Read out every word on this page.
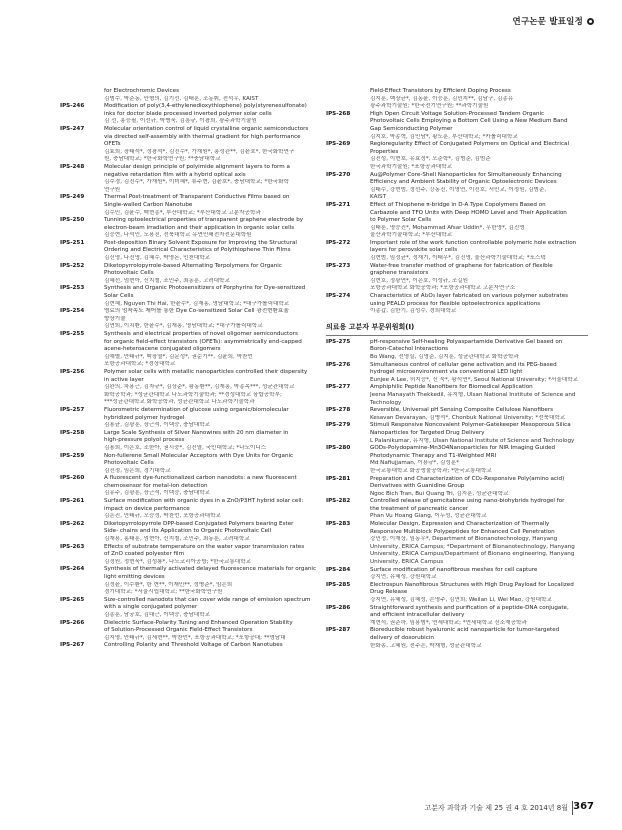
연구논문 발표일정
for Electrochromic Devices
김범수, 박준동, 안형의, 김기선, 김태훈, 조동휘, 전석우, KAIST
IPS-246	Modification of poly(3,4-ethylenedioxythiophene) poly(styrenesulfonate)
inks for doctor blade processed inverted polymer solar cells
김 선, 홍승필, 이선규, 박병욱, 김흥규, 이광희, 광주과학기술원
IPS-247	Molecular orientation control of liquid crystalline organic semiconductors
via directed self-assembly with thermal gradient for high performance
OFETs
김효희, 장태석*, 정광석*, 김진수*, 가재원*, 홍성관**, 김윤호*, 한국화학연구
원, 충남대학교; *한국화학연구원; **충남대학교
IPS-248	Molecular design principle of polyimide alignment layers to form a
negative retardation film with a hybrid optical axis
김수경, 김진수*, 가재원*, 이미혜*, 류주현, 김윤호*, 충남대학교; *한국화학
연구원
IPS-249	Thermal Post-treatment of Transparent Conductive Films based on
Single-walled Carbon Nanotube
김수민, 김윤수, 백현종*, 부산대학교; *부산대학교 고분자공학과
IPS-250	Tunning optoelectrical properties of transparent graphene electrode by
electron-beam irradiation and their application in organic solar cells
김승현, 나석인, 노용진, 전북대학교 유연인쇄전자전문대학원
IPS-251	Post-deposition Binary Solvent Exposure for Improving the Structural
Ordering and Electrical Characteristics of Polythiophene Thin Films
김신영, 나진영, 김혜수, 박영돈, 인천대학교
IPS-252	Diketopyrrolopyrrole-based Alternating Terpolymers for Organic
Photovoltaic Cells
김혜선, 엄현아, 신지철, 조민주, 최동훈, 고려대학교
IPS-253	Synthesis and Organic Photosensitizers of Porphyrins for Dye-sensitized
Solar Cells
김현혜, Nguyen Thi Hai, 한윤수*, 김재홍, 영남대학교; *대구가톨릭대학교
IPS-254	염료의 엄착속도 제어를 통한 Dye Co-sensitized Solar Cell 광전변환효율
향상기술
김연희, 이치환, 한윤수*, 김재홍, 영남대학교; *대구가톨릭대학교
IPS-255	Synthesis and electrical properties of novel oligomer semiconductors
for organic field-effect transistors (OFETs): asymmetrically end-capped
acene-heteroacene conjugated oligomers
김예별, 안태규*, 백장열*, 김문성*, 권순기**, 김윤희, 박찬언
포항공과대학교; *경상대학교
IPS-256	Polymer solar cells with metallic nanoparticles controlled their dispersity
in active layer
김완의, 차용근, 김자규*, 김상준*, 황동환**, 김재홍, 박종목***, 성균관대학교
화학공학과; *성균관대학교 나노과학기술학과; **경성대학교 융합공학부;
***성균관대학교 화학공학과, 성균관대학교 나노과학기술학과
IPS-257	Fluorometric determination of glucose using organic/biomolecular
hybridized polymer hydrogel
김용균, 김광훈, 장근석, 이택승, 충남대학교
IPS-258	Large Scale Synthesis of Silver Nanowires with 20 nm diameter in
high-pressure polyol process
김용희, 이은호, 조한아, 권시중*, 김진열, 국민대학교; *나노이니스
IPS-259	Non-fullerene Small Molecular Acceptors with Dye Units for Organic
Photovoltaic Cells
김진정, 임은희, 경기대학교
IPS-260	A fluorescent dye-functionalized carbon nanodots: a new fluorescent
chemosensor for metal-ion detection
김유주, 김광훈, 장근석, 이택승, 충남대학교
IPS-261	Surface modification with organic dyes in a ZnO/P3HT hybrid solar cell:
impact on device performance
김은진, 안태규, 오승정, 박찬언, 포항공과대학교
IPS-262	Diketopyrrolopyrrole DPP-based Conjugated Polymers bearing Ester
Side- chains and its Application to Organic Photovoltaic Cell
김재용, 홍태훈, 엄현아, 신지철, 조민주, 최동훈, 고려대학교
IPS-263	Effects of substrate temperature on the water vapor transmission rates
of ZnO coated polyester film
김정원, 정현욱*, 김성룡*, 나노코리아공방; *한국교통대학교
IPS-264	Synthesis of thermally activated delayed fluorescence materials for organic
light emitting devices
김정윤, 이수환*, 한 현**, 이재민**, 정병준*, 임은희
경기대학교; *서울시립대학교; **한국화학연구원
IPS-265	Size-controlled nanodots that can cover wide range of emission spectrum
with a single conjugated polymer
김종훈, 남궁호, 김대근, 이택승, 충남대학교
IPS-266	Dielectric Surface-Polarity Tuning and Enhanced Operation Stability
of Solution-Processed Organic Field-Effect Transistors
김지영, 안태규*, 김세현**, 박찬언*, 포항공과대학교; *포항공대; **영남대
IPS-267	Controlling Polarity and Threshold Voltage of Carbon Nanotubes
Field-Effect Transistors by Efficient Doping Process
김지훈, 백장균*, 김동윤, 이승훈, 김민지**, 김남구, 김종유
광주과학기술원; *한국전기연구원; **과학기술원
IPS-268	High Open Circuit Voltage Solution-Processed Tandem Organic
Photovoltaic Cells Employing a Bottom Cell Using a New Medium Band
Gap Semiconducting Polymer
김지호, 박종혁, 김인남*, 황도훈, 부산대학교; *카톨릭대학교
IPS-269	Regioregularity Effect of Conjugated Polymers on Optical and Electrical
Properties
김진성, 이현호, 유효정*, 오준학*, 김범준, 김범준
한국과학기술원; *포항공과대학교
IPS-270	Au@Polymer Core-Shell Nanoparticles for Simultaneously Enhancing
Efficiency and Ambient Stability of Organic Optoelectronic Devices
김태수, 강현범, 정선주, 강동진, 이영연, 이진호, 서민교, 이정원, 김범준,
KAIST
IPS-271	Effect of Thiophene π-bridge in D-A Type Copolymers Based on
Carbazole and TFO Units with Deep HOMO Level and Their Application
to Polymer Solar Cells
김태훈, 명승진*, Mohammad Afsar Uddin*, 우한영*, 김진영
울산과학기술대학교; *부산대학교
IPS-272	Important role of the work function controllable polymeric hole extraction
layers for perovskite solar cells
김현범, 임정균*, 정재기, 이태우*, 김진영, 울산과학기술대학교; *포스텍
IPS-273	Water-free transfer method of graphene for fabrication of flexible
graphene transistors
김현호, 정광연*, 이은호, 이성규, 조길원
포항공과대학교 화학공학과; *포항공과대학교 고분자연구소
IPS-274	Characteristics of Al₂O₃ layer fabricated on various polymer substrates
using PEALD process for flexible optoelectronics applications
이종갑, 김한기, 김성수, 경희대학교
의료용 고분자 부문위원회(I)
IPS-275	pH-responsive Self-healing Polyaspartamide Derivative Gel based on
Boron-Catechol Interactions
Bo Wang, 전영실, 김영준, 김지훈, 성균관대학교 화학공학과
IPS-276	Simultaneous control of cellular gene activation and its PEG-based
hydrogel microenvironment via conventional LED light
Eunjee A Lee, 허지승*, 신 묵*, 황석연*, Seoul National University; *서울대학교
IPS-277	Amphiphilic Peptide Nanofibers for Biomedical Application
Jeena Manayath Thekkedil, 유지형, Ulsan National Institute of Science and
Technology
IPS-278	Reversible, Universal pH Sensing Composite Cellulose Nanofibers
Kesavan Devarayan, 김병석*, Chonbuk National University; *전북대학교
IPS-279	Stimuli Responsive Noncovalent Polymer-Gatekeeper Mesoporous Silica
Nanoparticles for Targeted Drug Delivery
L Palanikumar, 유지형, Ulsan National Institute of Science and Technology
IPS-280	GODs-Polydopamine-Mn3O4Nanoparticles for NIR Imaging Guided
Photodynamic Therapy and T1-Weighted MRI
Md Nafiujjaman, 이용규*, 김성훈*
한국교통대학교 화공생물공학과; *한국교통대학교
IPS-281	Preparation and Characterization of CO₂-Responsive Poly(amino acid)
Derivatives with Guanidine Group
Ngoc Bich Tran, Bui Quang Tri, 김지훈, 성균관대학교
IPS-282	Controlled release of gemcitabine using nano-biohybrids hydrogel for
the treatment of pancreatic cancer
Phan Vu Hoang Giang, 이두성, 성균관대학교
IPS-283	Molecular Design, Expression and Characterization of Thermally
Responsive Multiblock Polypeptides for Enhanced Cell Penetration
강민정, 이재상, 임동우*, Department of Bionanotechnology, Hanyang
University, ERICA Campus; *Department of Bionanotechnology, Hanyang
University, ERICA Campus/Department of Bionano engineering, Hanyang
University, ERICA Campus
IPS-284	Surface modification of nanofibrous meshes for cell capture
강지연, 유혜성, 강원대학교
IPS-285	Electrospun Nanofibrous Structures with High Drug Payload for Localized
Drug Release
강지연, 유혜성, 김혜성, 손영주, 김연희, Weilan Li, Wei Mao, 강원대학교
IPS-286	Straightforward synthesis and purification of a peptide-DNA conjugate,
and efficient intracellular delivery
계현석, 권준하, 임용범*, 연세대학교; *연세대학교 신소재공학과
IPS-287	Bioreducible robust hyaluronic acid nanoparticle for tumor-targeted
delivery of doxorubicin
한화송, 고혜원, 전주은, 박재형, 성균관대학교
고분자 과학과 기술 제 25 권 4 호 2014년 8월 367
